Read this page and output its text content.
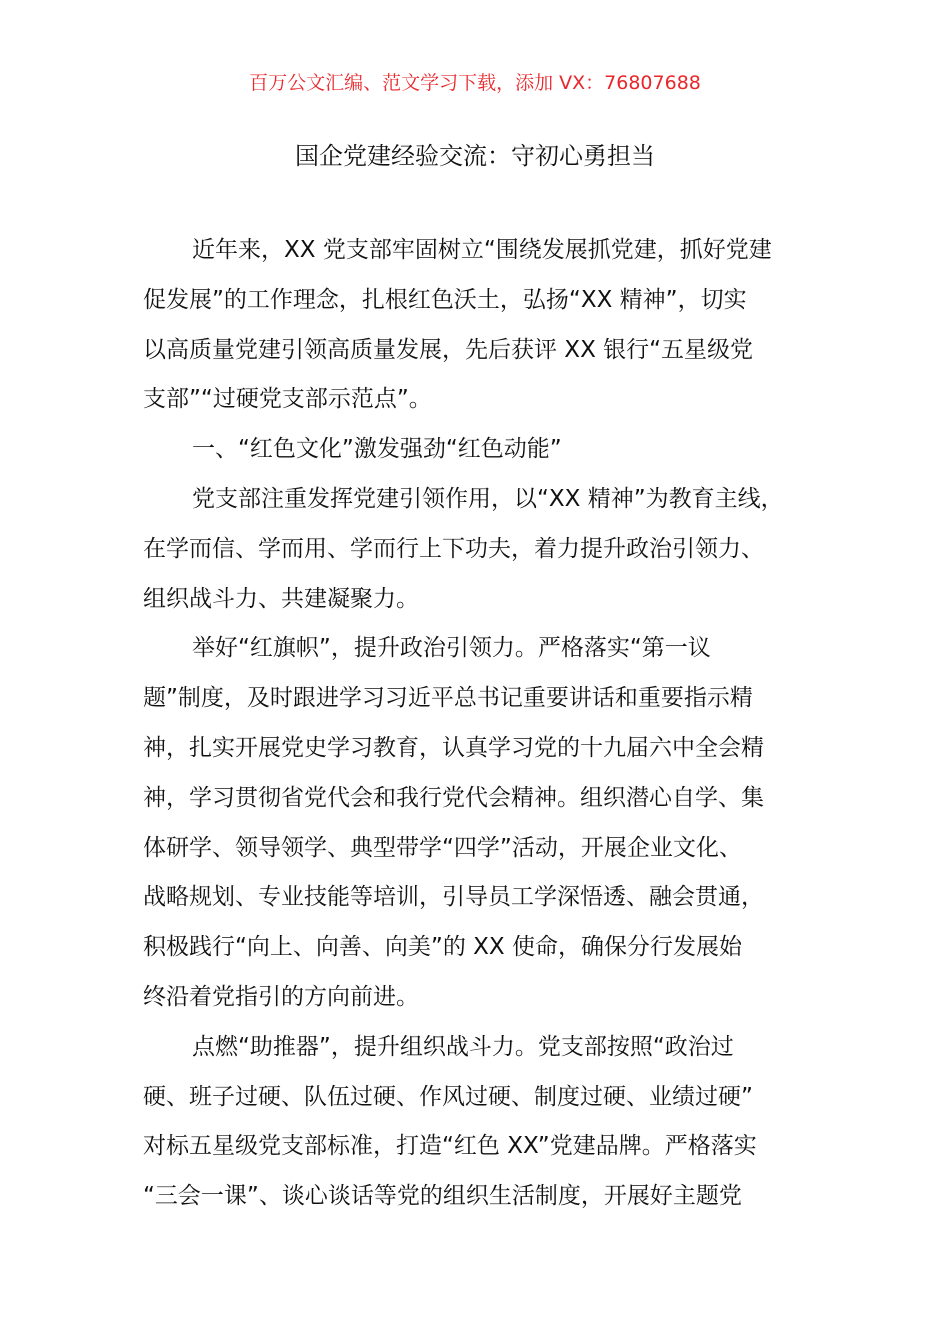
百万公文汇编、范文学习下载，添加 VX：76807688
国企党建经验交流：守初心勇担当
近年来，XX 党支部牢固树立“围绕发展抓党建，抓好党建
促发展”的工作理念，扎根红色沃土，弘扬“XX 精神”，切实
以高质量党建引领高质量发展，先后获评 XX 银行“五星级党
支部”“过硬党支部示范点”。
一、“红色文化”激发强劲“红色动能”
党支部注重发挥党建引领作用，以“XX 精神”为教育主线，
在学而信、学而用、学而行上下功夫，着力提升政治引领力、
组织战斗力、共建凝聚力。
举好“红旗帜”，提升政治引领力。严格落实“第一议
题”制度，及时跟进学习习近平总书记重要讲话和重要指示精
神，扎实开展党史学习教育，认真学习党的十九届六中全会精
神，学习贯彻省党代会和我行党代会精神。组织潜心自学、集
体研学、领导领学、典型带学“四学”活动，开展企业文化、
战略规划、专业技能等培训，引导员工学深悟透、融会贯通，
积极践行“向上、向善、向美”的 XX 使命，确保分行发展始
终沿着党指引的方向前进。
点燃“助推器”，提升组织战斗力。党支部按照“政治过
硬、班子过硬、队伍过硬、作风过硬、制度过硬、业绩过硬”
对标五星级党支部标准，打造“红色 XX”党建品牌。严格落实
“三会一课”、谈心谈话等党的组织生活制度，开展好主题党
